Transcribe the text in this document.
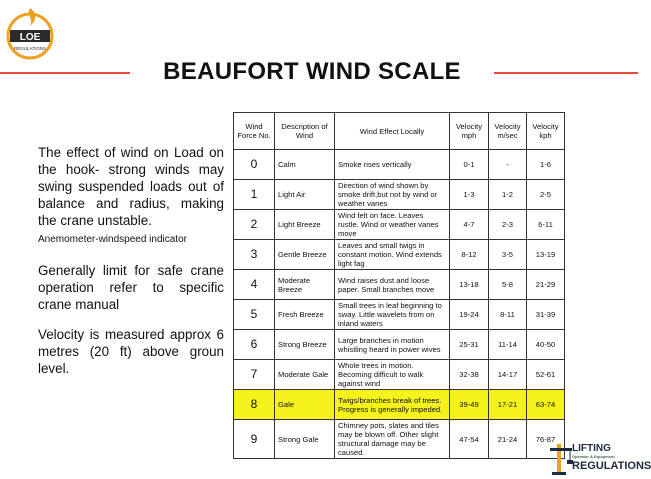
LOE
REGULATIONS
BEAUFORT WIND SCALE

The effect of wind on Load on the hook- strong winds may swing suspended loads out of balance and radius, making the crane unstable.

Anemometer-windspeed indicator

Generally limit for safe crane operation refer to specific crane manual

Velocity is measured approx 6 metres (20 ft) above groun level.

Wind Force No.	Description of Wind	Wind Effect Locally	Velocity mph	Velocity m/sec	Velocity kph
0	Calm	Smoke rises vertically	0-1	-	1-6
1	Light Air	Direction of wind shown by smoke drift,but not by wind or weather vanes	1-3	1-2	2-5
2	Light Breeze	Wind felt on face. Leaves rustle. Wind or weather vanes move	4-7	2-3	6-11
3	Gentle Breeze	Leaves and small twigs in constant motion. Wind extends light fag	8-12	3-5	13-19
4	Moderate Breeze	Wind raises dust and loose paper. Small branches move	13-18	5-8	21-29
5	Fresh Breeze	Small trees in leaf beginning to sway. Little wavelets from on inland waters	19-24	8-11	31-39
6	Strong Breeze	Large branches in motion whistling heard in power wives	25-31	11-14	40-50
7	Moderate Gale	Whole trees in motion. Becoming difficult to walk against wind	32-38	14-17	52-61
8	Gale	Twigs/branches break of trees. Progress is generally impeded.	39-49	17-21	63-74
9	Strong Gale	Chimney pots, slates and tiles may be blown off. Other slight structural damage may be caused.	47-54	21-24	76-87
LIFTING
Operator & Equipment
REGULATIONS
